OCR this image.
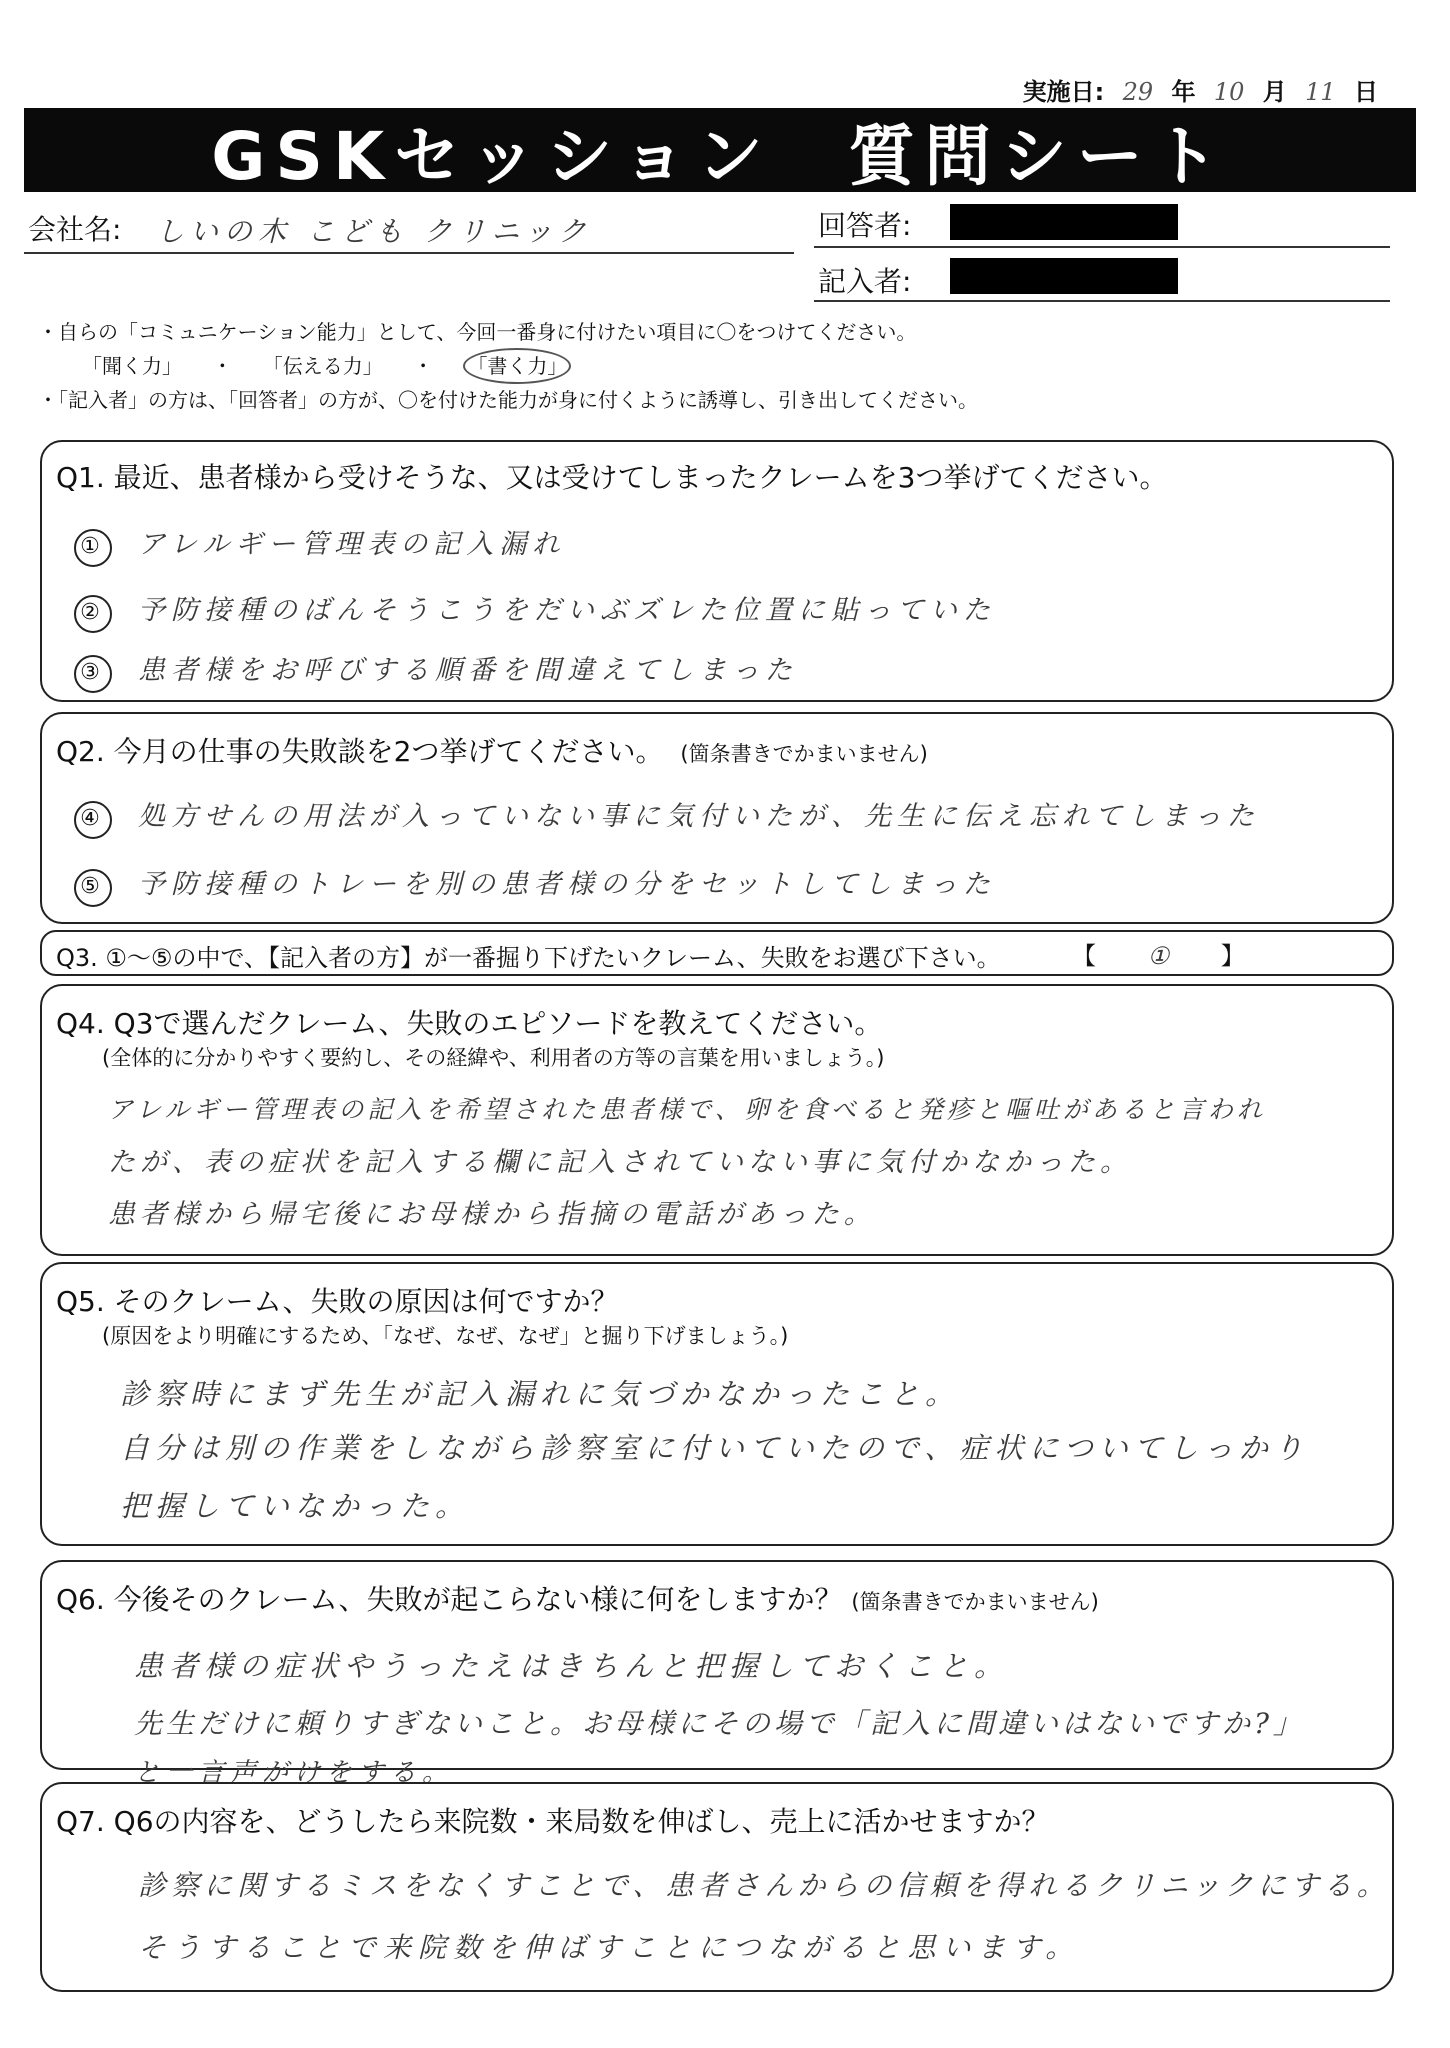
実施日: 29 年 10 月 11 日
GSKセッション　質問シート
会社名: しいの木 こども クリニック	回答者:
記入者:
・自らの「コミュニケーション能力」として、今回一番身に付けたい項目に〇をつけてください。
「聞く力」 ・ 「伝える力」 ・ 「書く力」
・「記入者」の方は、「回答者」の方が、〇を付けた能力が身に付くように誘導し、引き出してください。
Q1. 最近、患者様から受けそうな、又は受けてしまったクレームを3つ挙げてください。
① アレルギー管理表の記入漏れ
② 予防接種のばんそうこうをだいぶズレた位置に貼っていた
③ 患者様をお呼びする順番を間違えてしまった
Q2. 今月の仕事の失敗談を2つ挙げてください。 (箇条書きでかまいません)
④ 処方せんの用法が入っていない事に気付いたが、先生に伝え忘れてしまった
⑤ 予防接種のトレーを別の患者様の分をセットしてしまった
Q3. ①～⑤の中で、【記入者の方】が一番掘り下げたいクレーム、失敗をお選び下さい。	【 ① 】
Q4. Q3で選んだクレーム、失敗のエピソードを教えてください。
(全体的に分かりやすく要約し、その経緯や、利用者の方等の言葉を用いましょう。)
アレルギー管理表の記入を希望された患者様で、卵を食べると発疹と嘔吐があると言われ
たが、表の症状を記入する欄に記入されていない事に気付かなかった。
患者様から帰宅後にお母様から指摘の電話があった。
Q5. そのクレーム、失敗の原因は何ですか？
(原因をより明確にするため、「なぜ、なぜ、なぜ」と掘り下げましょう。)
診察時にまず先生が記入漏れに気づかなかったこと。
自分は別の作業をしながら診察室に付いていたので、症状についてしっかり
把握していなかった。
Q6. 今後そのクレーム、失敗が起こらない様に何をしますか？ (箇条書きでかまいません)
患者様の症状やうったえはきちんと把握しておくこと。
先生だけに頼りすぎないこと。お母様にその場で「記入に間違いはないですか?」
と一言声がけをする。
Q7. Q6の内容を、どうしたら来院数・来局数を伸ばし、売上に活かせますか？
診察に関するミスをなくすことで、患者さんからの信頼を得れるクリニックにする。
そうすることで来院数を伸ばすことにつながると思います。
